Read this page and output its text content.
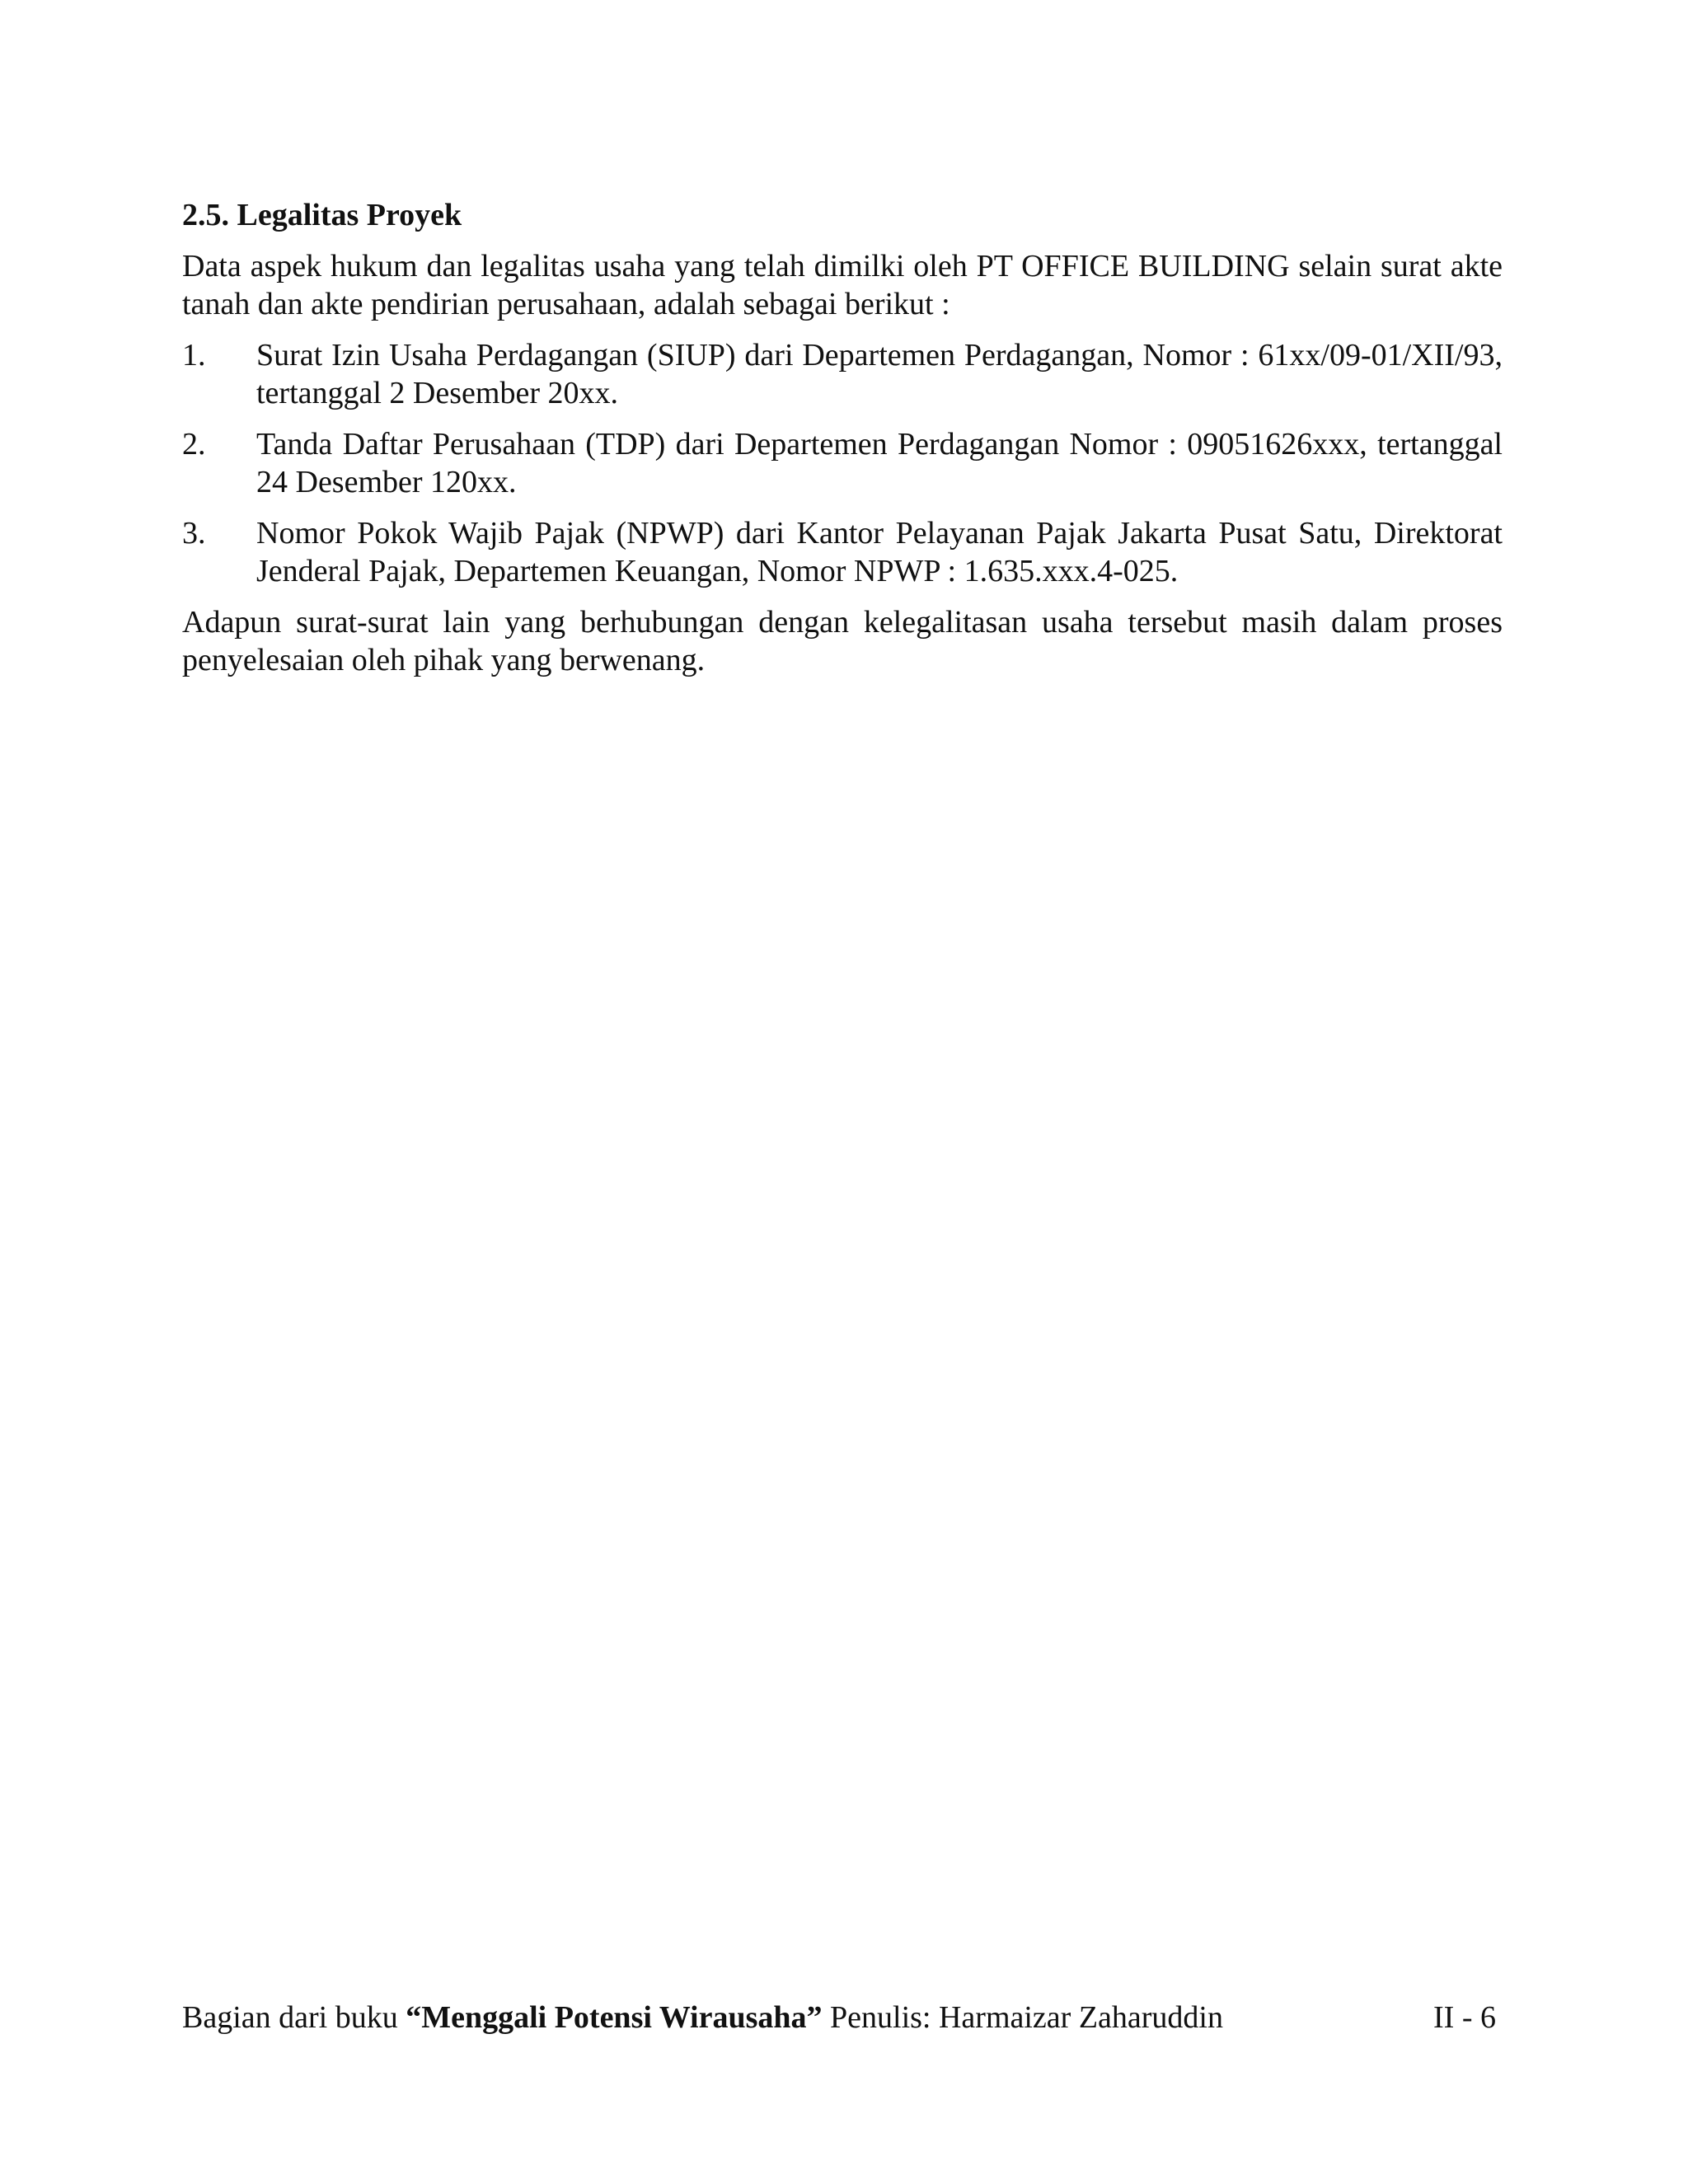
2.5. Legalitas Proyek
Data aspek hukum dan legalitas usaha yang telah dimilki oleh PT OFFICE BUILDING selain surat akte tanah dan akte pendirian perusahaan, adalah sebagai berikut :
1.	Surat Izin Usaha Perdagangan (SIUP) dari Departemen Perdagangan, Nomor : 61xx/09-01/XII/93, tertanggal 2 Desember 20xx.
2.	Tanda Daftar Perusahaan (TDP) dari Departemen Perdagangan Nomor : 09051626xxx, tertanggal 24 Desember 120xx.
3.	Nomor Pokok Wajib Pajak (NPWP) dari Kantor Pelayanan Pajak Jakarta Pusat Satu, Direktorat Jenderal Pajak, Departemen Keuangan, Nomor NPWP : 1.635.xxx.4-025.
Adapun surat-surat lain yang berhubungan dengan kelegalitasan usaha tersebut masih dalam proses penyelesaian oleh pihak yang berwenang.
Bagian dari buku “Menggali Potensi Wirausaha” Penulis: Harmaizar Zaharuddin	II - 6
